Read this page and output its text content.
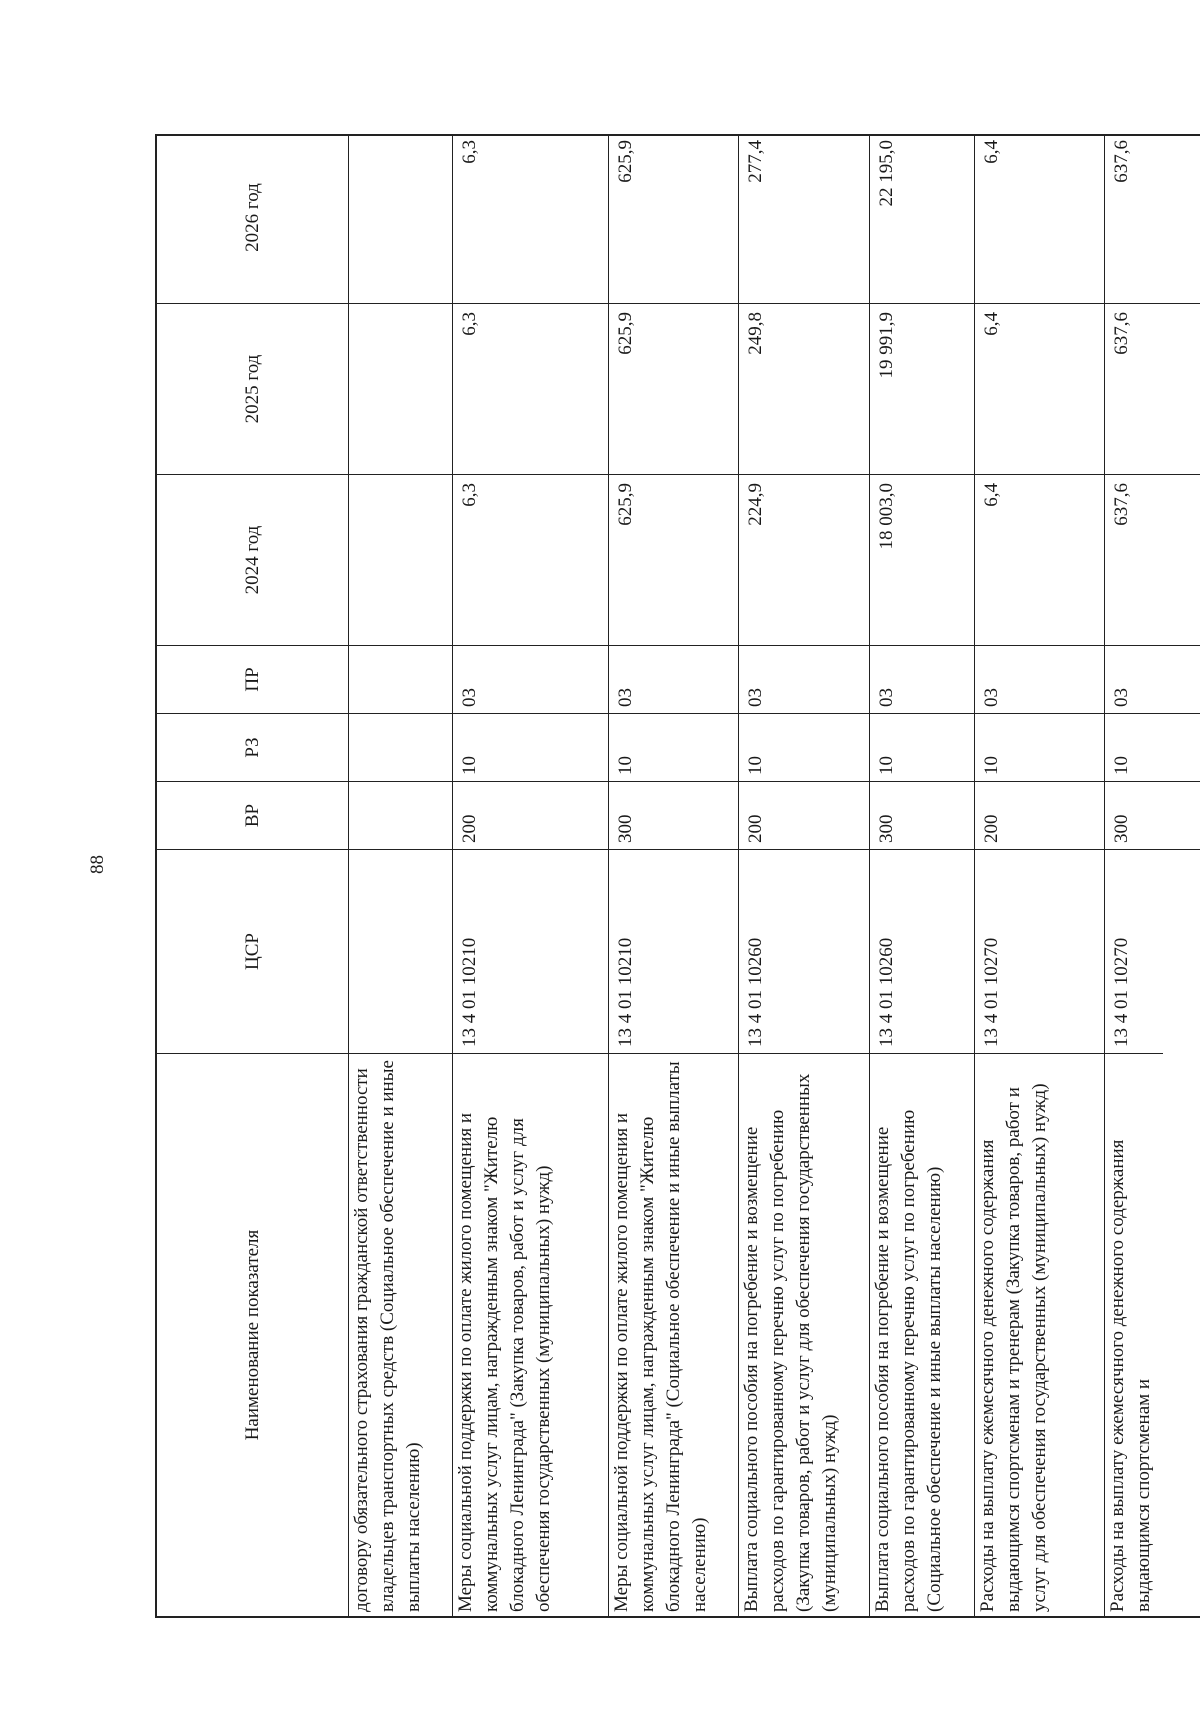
88
Наименование показателя
ЦСР
ВР
РЗ
ПР
2024 год
2025 год
2026 год
договору обязательного страхования гражданской ответственности владельцев транспортных средств (Социальное обеспечение и иные выплаты населению) Меры социальной поддержки по оплате жилого помещения и коммунальных услуг лицам, награжденным знаком "Жителю блокадного Ленинграда" (Закупка товаров, работ и услуг для обеспечения государственных (муниципальных) нужд)
13 4 01 10210
200
10
03
6,3
6,3
6,3
Меры социальной поддержки по оплате жилого помещения и коммунальных услуг лицам, награжденным знаком "Жителю блокадного Ленинграда" (Социальное обеспечение и иные выплаты населению)
13 4 01 10210
300
10
03
625,9
625,9
625,9
Выплата социального пособия на погребение и возмещение расходов по гарантированному перечню услуг по погребению (Закупка товаров, работ и услуг для обеспечения государственных (муниципальных) нужд)
13 4 01 10260
200
10
03
224,9
249,8
277,4
Выплата социального пособия на погребение и возмещение расходов по гарантированному перечню услуг по погребению (Социальное обеспечение и иные выплаты населению)
13 4 01 10260
300
10
03
18 003,0
19 991,9
22 195,0
Расходы на выплату ежемесячного денежного содержания выдающимся спортсменам и тренерам (Закупка товаров, работ и услуг для обеспечения государственных (муниципальных) нужд)
13 4 01 10270
200
10
03
6,4
6,4
6,4
Расходы на выплату ежемесячного денежного содержания выдающимся спортсменам и
13 4 01 10270
300
10
03
637,6
637,6
637,6
